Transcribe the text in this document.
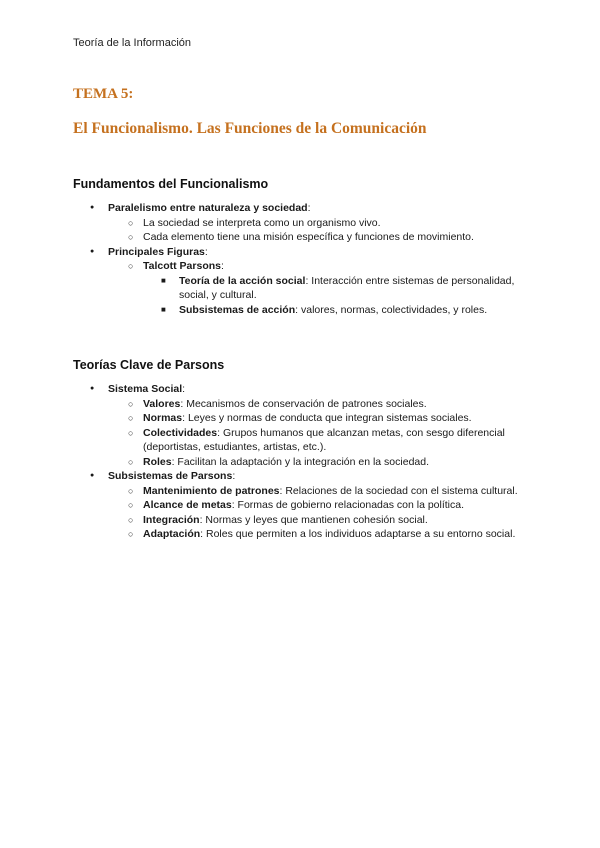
Teoría de la Información
TEMA 5:
El Funcionalismo. Las Funciones de la Comunicación
Fundamentos del Funcionalismo
● Paralelismo entre naturaleza y sociedad:
○ La sociedad se interpreta como un organismo vivo.
○ Cada elemento tiene una misión específica y funciones de movimiento.
● Principales Figuras:
○ Talcott Parsons:
■ Teoría de la acción social: Interacción entre sistemas de personalidad, social, y cultural.
■ Subsistemas de acción: valores, normas, colectividades, y roles.
Teorías Clave de Parsons
● Sistema Social:
○ Valores: Mecanismos de conservación de patrones sociales.
○ Normas: Leyes y normas de conducta que integran sistemas sociales.
○ Colectividades: Grupos humanos que alcanzan metas, con sesgo diferencial (deportistas, estudiantes, artistas, etc.).
○ Roles: Facilitan la adaptación y la integración en la sociedad.
● Subsistemas de Parsons:
○ Mantenimiento de patrones: Relaciones de la sociedad con el sistema cultural.
○ Alcance de metas: Formas de gobierno relacionadas con la política.
○ Integración: Normas y leyes que mantienen cohesión social.
○ Adaptación: Roles que permiten a los individuos adaptarse a su entorno social.
